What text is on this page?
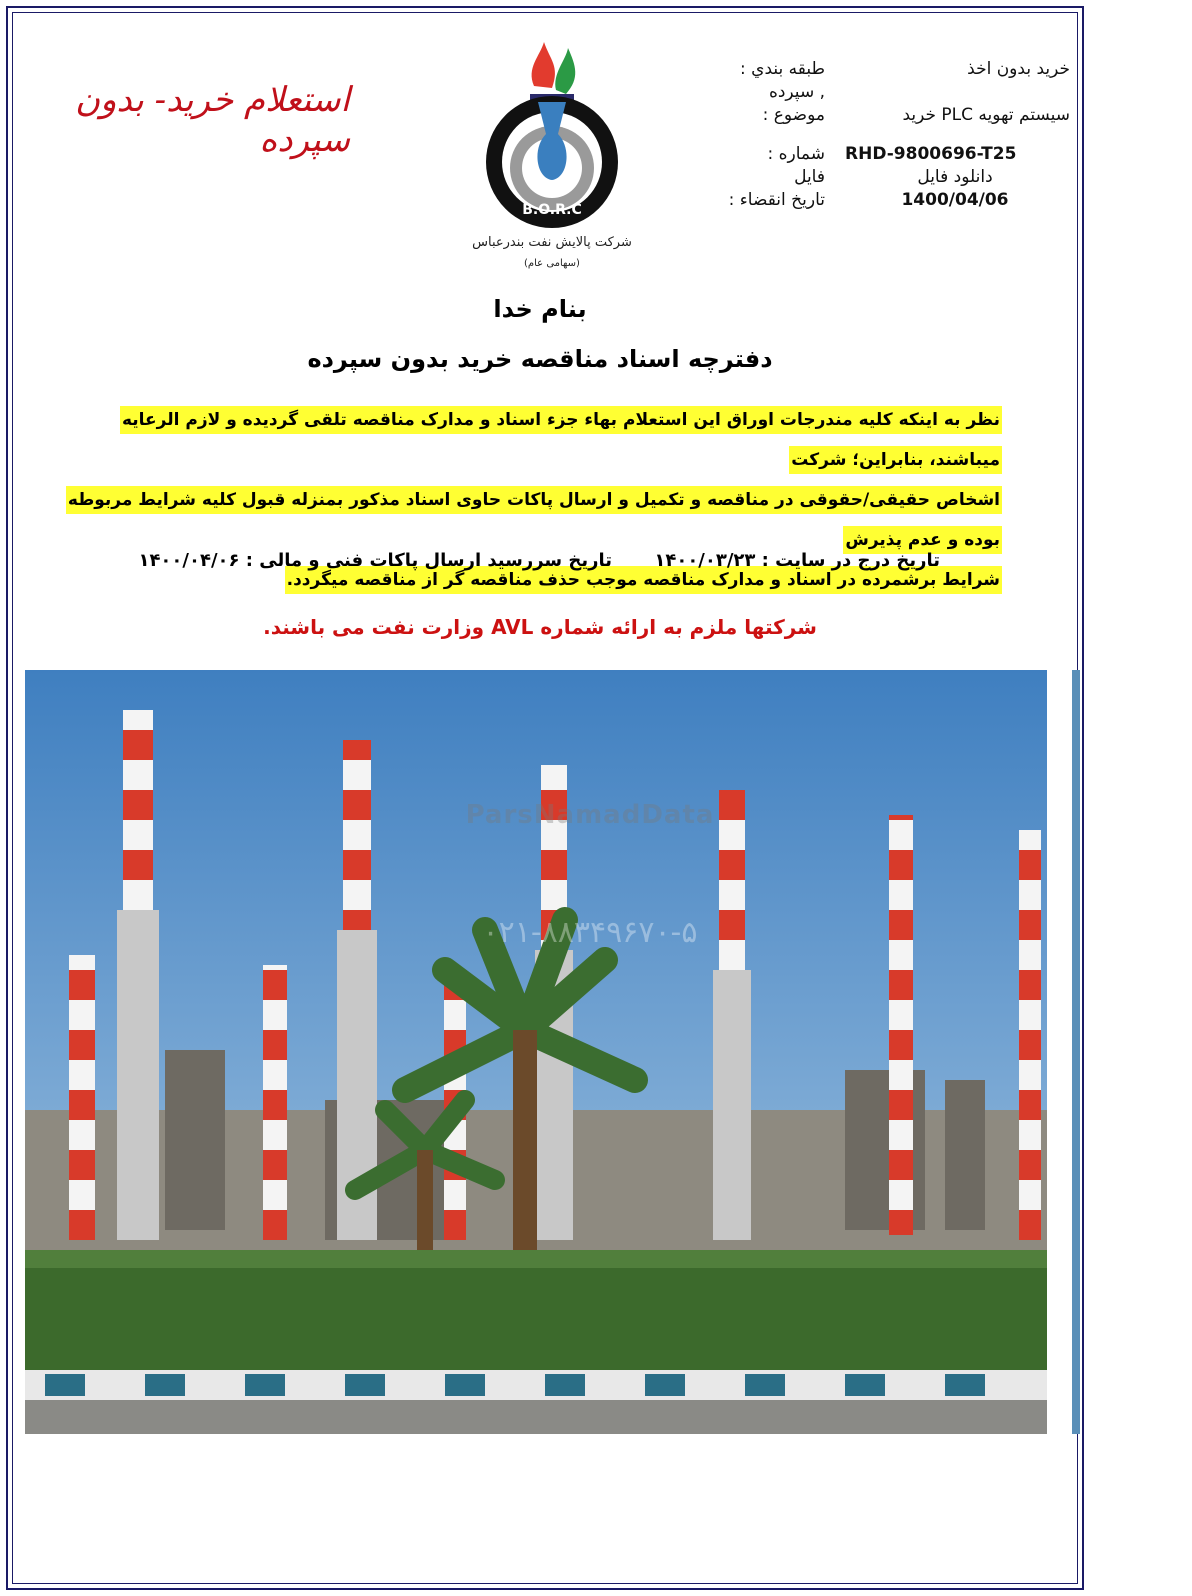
استعلام خرید- بدون سپرده
B.O.R.C
شرکت پالایش نفت بندرعباس
(سهامی عام)
طبقه بندي :
, سپرده
موضوع :
شماره :
فايل
تاريخ انقضاء :
خريد بدون اخذ

سیستم تهویه PLC خرید
RHD-9800696-T25
دانلود فایل
1400/04/06
بنام خدا
دفترچه اسناد مناقصه خرید بدون سپرده
نظر به اینکه کلیه مندرجات اوراق این استعلام بهاء جزء اسناد و مدارک مناقصه تلقی گردیده و لازم الرعایه میباشند، بنابراین؛ شرکت
اشخاص حقیقی/حقوقی در مناقصه و تکمیل و ارسال پاکات حاوی اسناد مذکور بمنزله قبول کلیه شرایط مربوطه بوده و عدم پذیرش
شرایط برشمرده در اسناد و مدارک مناقصه موجب حذف مناقصه گر از مناقصه میگردد.
تاریخ درج در سایت : ۱۴۰۰/۰۳/۲۳
تاریخ سررسید ارسال پاکات فنی و مالی : ۱۴۰۰/۰۴/۰۶
شرکتها ملزم به ارائه شماره AVL وزارت نفت می باشند.
ParsNamadData
۰۲۱-۸۸۳۴۹۶۷۰-۵
